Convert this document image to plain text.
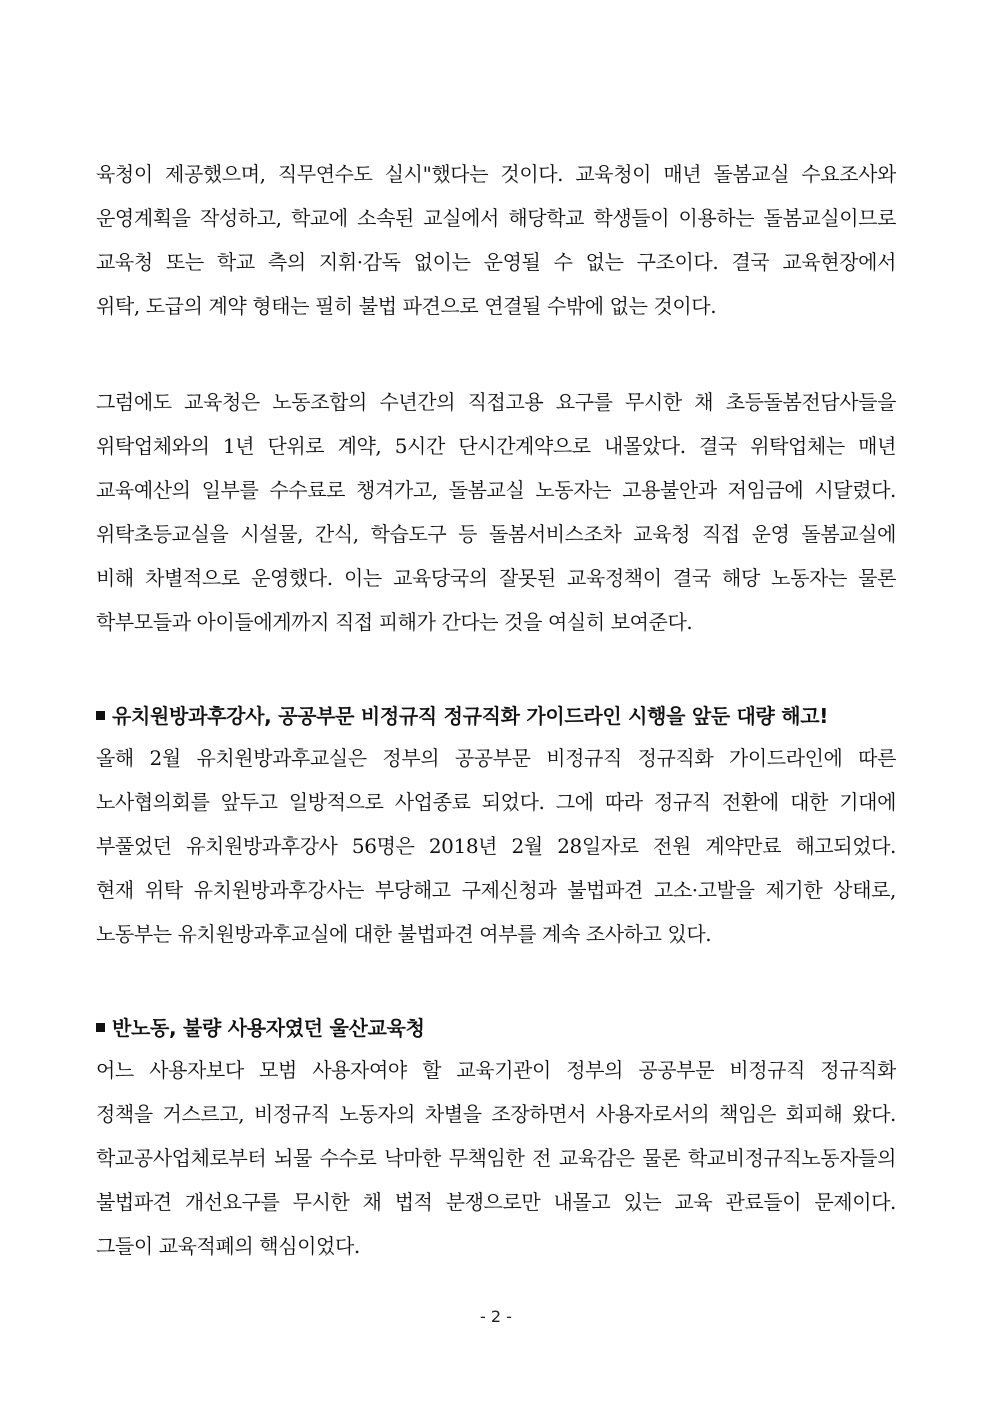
육청이 제공했으며, 직무연수도 실시"했다는 것이다. 교육청이 매년 돌봄교실 수요조사와
운영계획을 작성하고, 학교에 소속된 교실에서 해당학교 학생들이 이용하는 돌봄교실이므로
교육청 또는 학교 측의 지휘·감독 없이는 운영될 수 없는 구조이다. 결국 교육현장에서
위탁, 도급의 계약 형태는 필히 불법 파견으로 연결될 수밖에 없는 것이다.
그럼에도 교육청은 노동조합의 수년간의 직접고용 요구를 무시한 채 초등돌봄전담사들을
위탁업체와의 1년 단위로 계약, 5시간 단시간계약으로 내몰았다. 결국 위탁업체는 매년
교육예산의 일부를 수수료로 챙겨가고, 돌봄교실 노동자는 고용불안과 저임금에 시달렸다.
위탁초등교실을 시설물, 간식, 학습도구 등 돌봄서비스조차 교육청 직접 운영 돌봄교실에
비해 차별적으로 운영했다. 이는 교육당국의 잘못된 교육정책이 결국 해당 노동자는 물론
학부모들과 아이들에게까지 직접 피해가 간다는 것을 여실히 보여준다.
유치원방과후강사, 공공부문 비정규직 정규직화 가이드라인 시행을 앞둔 대량 해고!
올해 2월 유치원방과후교실은 정부의 공공부문 비정규직 정규직화 가이드라인에 따른
노사협의회를 앞두고 일방적으로 사업종료 되었다. 그에 따라 정규직 전환에 대한 기대에
부풀었던 유치원방과후강사 56명은 2018년 2월 28일자로 전원 계약만료 해고되었다.
현재 위탁 유치원방과후강사는 부당해고 구제신청과 불법파견 고소·고발을 제기한 상태로,
노동부는 유치원방과후교실에 대한 불법파견 여부를 계속 조사하고 있다.
반노동, 불량 사용자였던 울산교육청
어느 사용자보다 모범 사용자여야 할 교육기관이 정부의 공공부문 비정규직 정규직화
정책을 거스르고, 비정규직 노동자의 차별을 조장하면서 사용자로서의 책임은 회피해 왔다.
학교공사업체로부터 뇌물 수수로 낙마한 무책임한 전 교육감은 물론 학교비정규직노동자들의
불법파견 개선요구를 무시한 채 법적 분쟁으로만 내몰고 있는 교육 관료들이 문제이다.
그들이 교육적폐의 핵심이었다.
- 2 -
